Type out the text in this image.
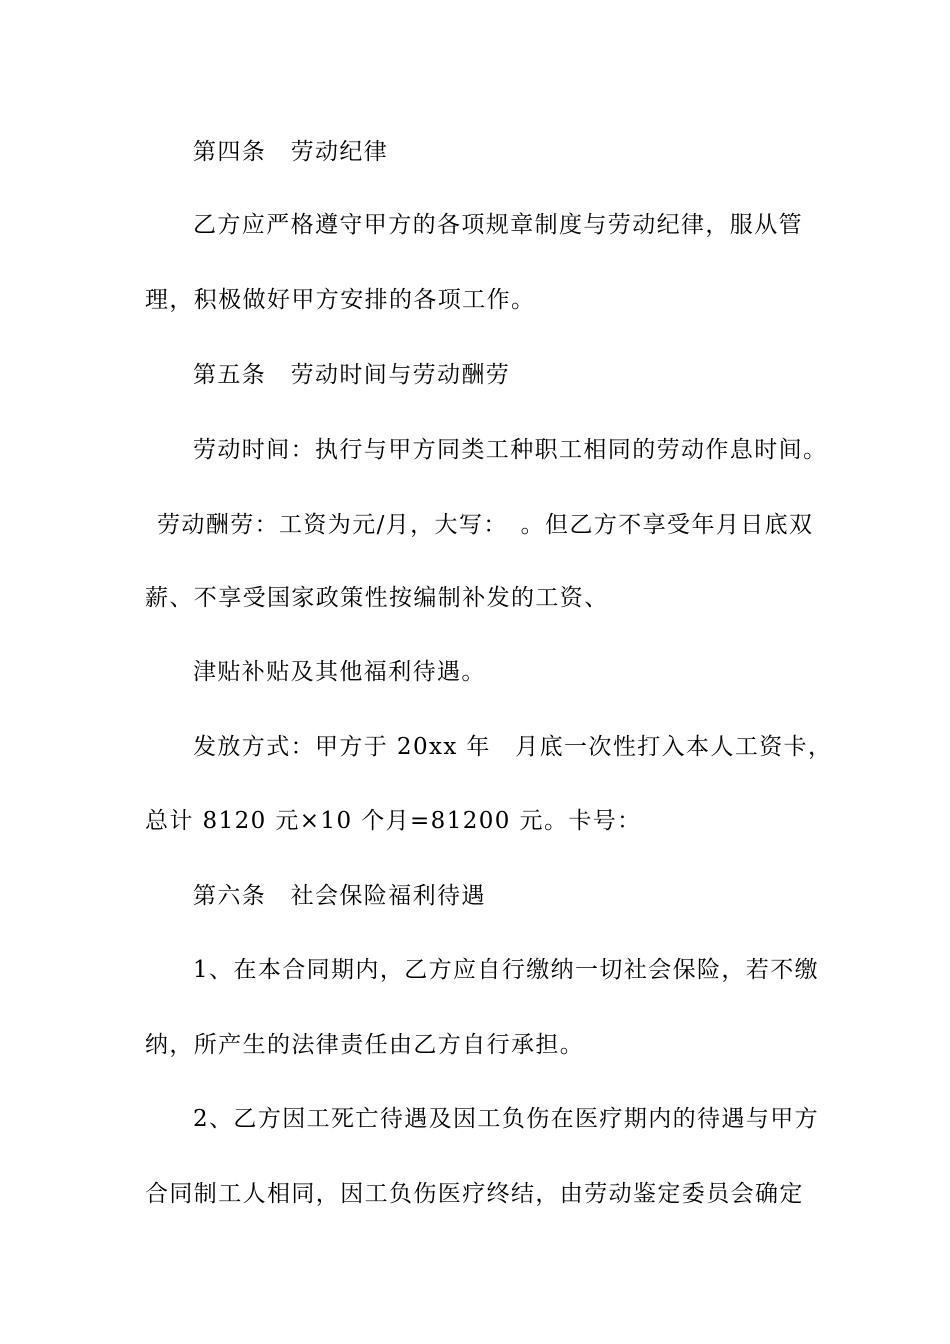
第四条　劳动纪律
乙方应严格遵守甲方的各项规章制度与劳动纪律，服从管
理，积极做好甲方安排的各项工作。
第五条　劳动时间与劳动酬劳
劳动时间：执行与甲方同类工种职工相同的劳动作息时间。
劳动酬劳：工资为元/月，大写：　。但乙方不享受年月日底双
薪、不享受国家政策性按编制补发的工资、
津贴补贴及其他福利待遇。
发放方式：甲方于 20xx 年　月底一次性打入本人工资卡，
总计 8120 元×10 个月=81200 元。卡号：
第六条　社会保险福利待遇
1、在本合同期内，乙方应自行缴纳一切社会保险，若不缴
纳，所产生的法律责任由乙方自行承担。
2、乙方因工死亡待遇及因工负伤在医疗期内的待遇与甲方
合同制工人相同，因工负伤医疗终结，由劳动鉴定委员会确定
